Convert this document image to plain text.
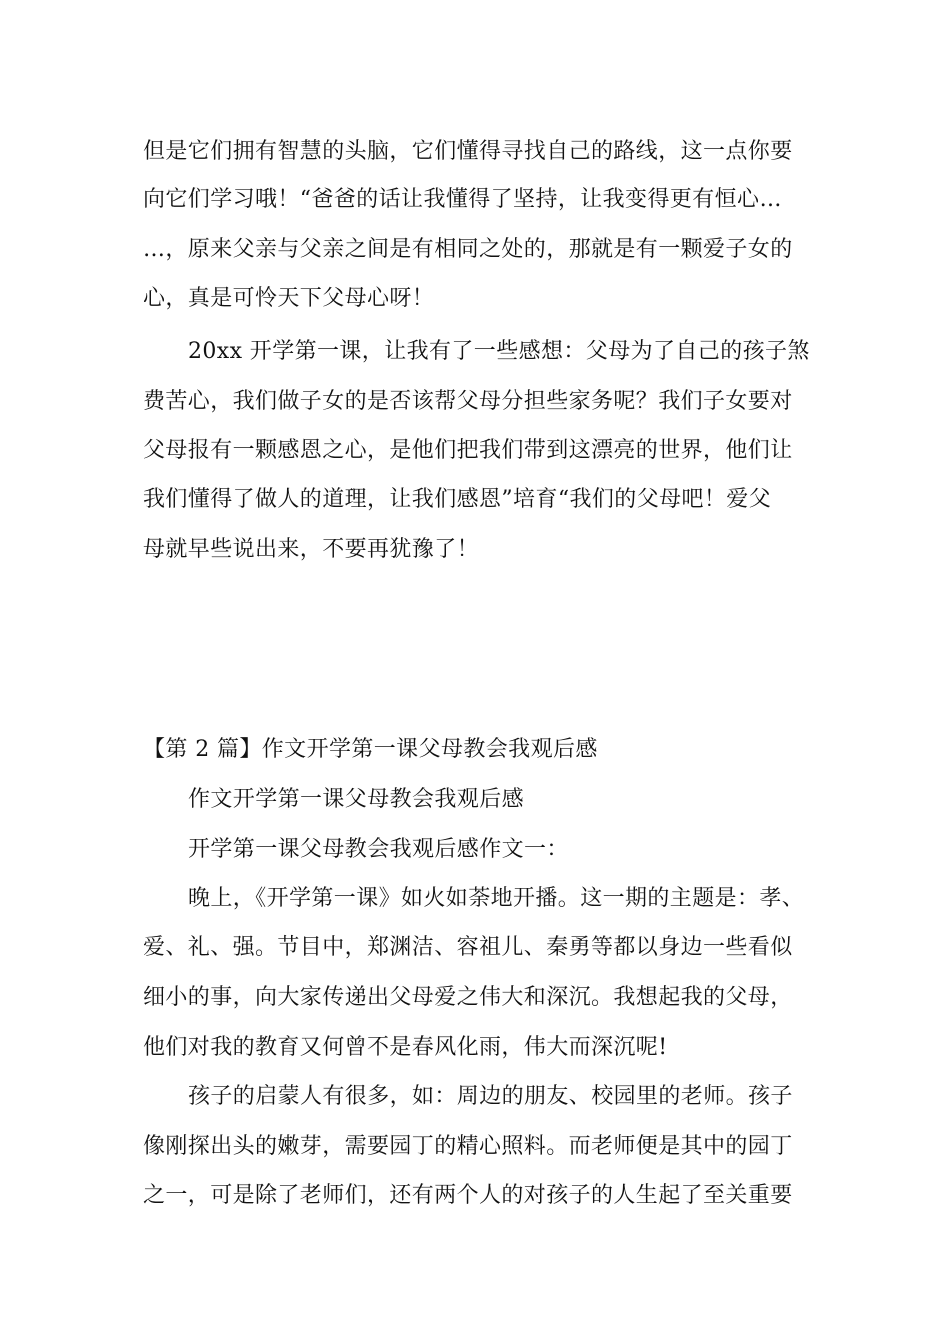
但是它们拥有智慧的头脑，它们懂得寻找自己的路线，这一点你要
向它们学习哦！“爸爸的话让我懂得了坚持，让我变得更有恒心…
…，原来父亲与父亲之间是有相同之处的，那就是有一颗爱子女的
心，真是可怜天下父母心呀！
20xx 开学第一课，让我有了一些感想：父母为了自己的孩子煞
费苦心，我们做子女的是否该帮父母分担些家务呢？我们子女要对
父母报有一颗感恩之心，是他们把我们带到这漂亮的世界，他们让
我们懂得了做人的道理，让我们感恩”培育“我们的父母吧！爱父
母就早些说出来，不要再犹豫了！
【第 2 篇】作文开学第一课父母教会我观后感
作文开学第一课父母教会我观后感
开学第一课父母教会我观后感作文一：
晚上，《开学第一课》如火如荼地开播。这一期的主题是：孝、
爱、礼、强。节目中，郑渊洁、容祖儿、秦勇等都以身边一些看似
细小的事，向大家传递出父母爱之伟大和深沉。我想起我的父母，
他们对我的教育又何曾不是春风化雨，伟大而深沉呢!
孩子的启蒙人有很多，如：周边的朋友、校园里的老师。孩子
像刚探出头的嫩芽，需要园丁的精心照料。而老师便是其中的园丁
之一，可是除了老师们，还有两个人的对孩子的人生起了至关重要
